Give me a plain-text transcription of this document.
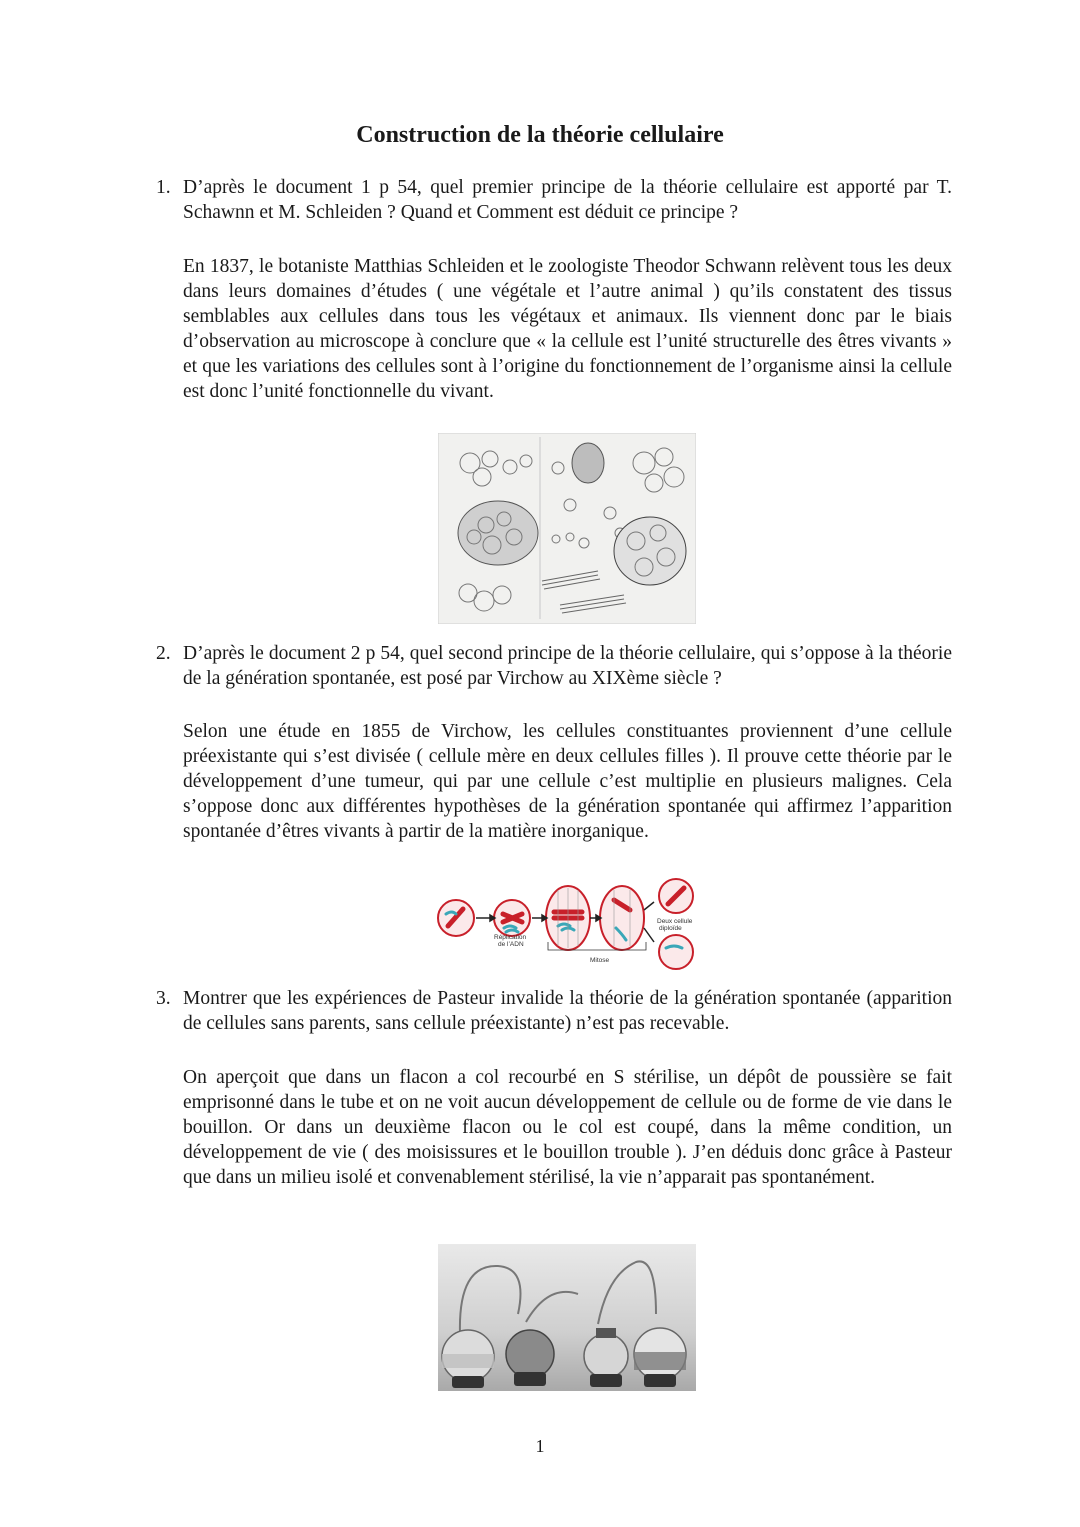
Construction de la théorie cellulaire
1. D’après le document 1 p 54, quel premier principe de la théorie cellulaire est apporté par T. Schawnn et M. Schleiden ? Quand et Comment est déduit ce principe ?
En 1837, le botaniste Matthias Schleiden et le zoologiste Theodor Schwann relèvent tous les deux dans leurs domaines d’études ( une végétale et l’autre animal ) qu’ils constatent des tissus semblables aux cellules dans tous les végétaux et animaux. Ils viennent donc par le biais d’observation au microscope à conclure que « la cellule est l’unité structurelle des êtres vivants » et que les variations des cellules sont à l’origine du fonctionnement de l’organisme ainsi la cellule est donc l’unité fonctionnelle du vivant.
2. D’après le document 2 p 54, quel second principe de la théorie cellulaire, qui s’oppose à la théorie de la génération spontanée, est posé par Virchow au XIXème siècle ?
Selon une étude en 1855 de Virchow, les cellules constituantes proviennent d’une cellule préexistante qui s’est divisée ( cellule mère en deux cellules filles ). Il prouve cette théorie par le développement d’une tumeur, qui par une cellule c’est multiplie en plusieurs malignes. Cela s’oppose donc aux différentes hypothèses de la génération spontanée qui affirmez l’apparition spontanée d’êtres vivants à partir de la matière inorganique.
Réplication
de l’ADN
Deux cellule
diploïde
Mitose
3. Montrer que les expériences de Pasteur invalide la théorie de la génération spontanée (apparition de cellules sans parents, sans cellule préexistante) n’est pas recevable.
On aperçoit que dans un flacon a col recourbé en S stérilise, un dépôt de poussière se fait emprisonné dans le tube et on ne voit aucun développement de cellule ou de forme de vie dans le bouillon. Or dans un deuxième flacon ou le col est coupé, dans la même condition, un développement de vie ( des moisissures et le bouillon trouble ). J’en déduis donc grâce à Pasteur que dans un milieu isolé et convenablement stérilisé, la vie n’apparait pas spontanément.
1
